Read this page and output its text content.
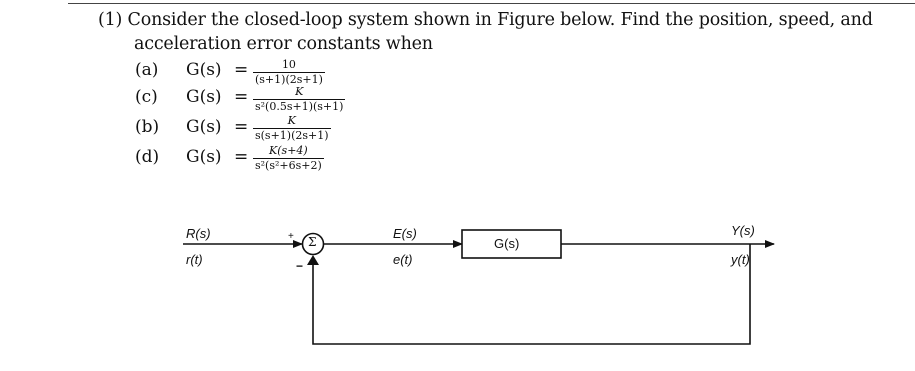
(1) Consider the closed-loop system shown in Figure below. Find the position, speed, and
acceleration error constants when
(a) G(s) =	10
(s+1)(2s+1)
(c) G(s) =	K
s²(0.5s+1)(s+1)
(b) G(s) =	K
s(s+1)(2s+1)
(d) G(s) = K(s+4)
s²(s²+6s+2)
Σ
+
−
R(s)
r(t)
E(s)
e(t)
G(s)
Y(s)
y(t)
